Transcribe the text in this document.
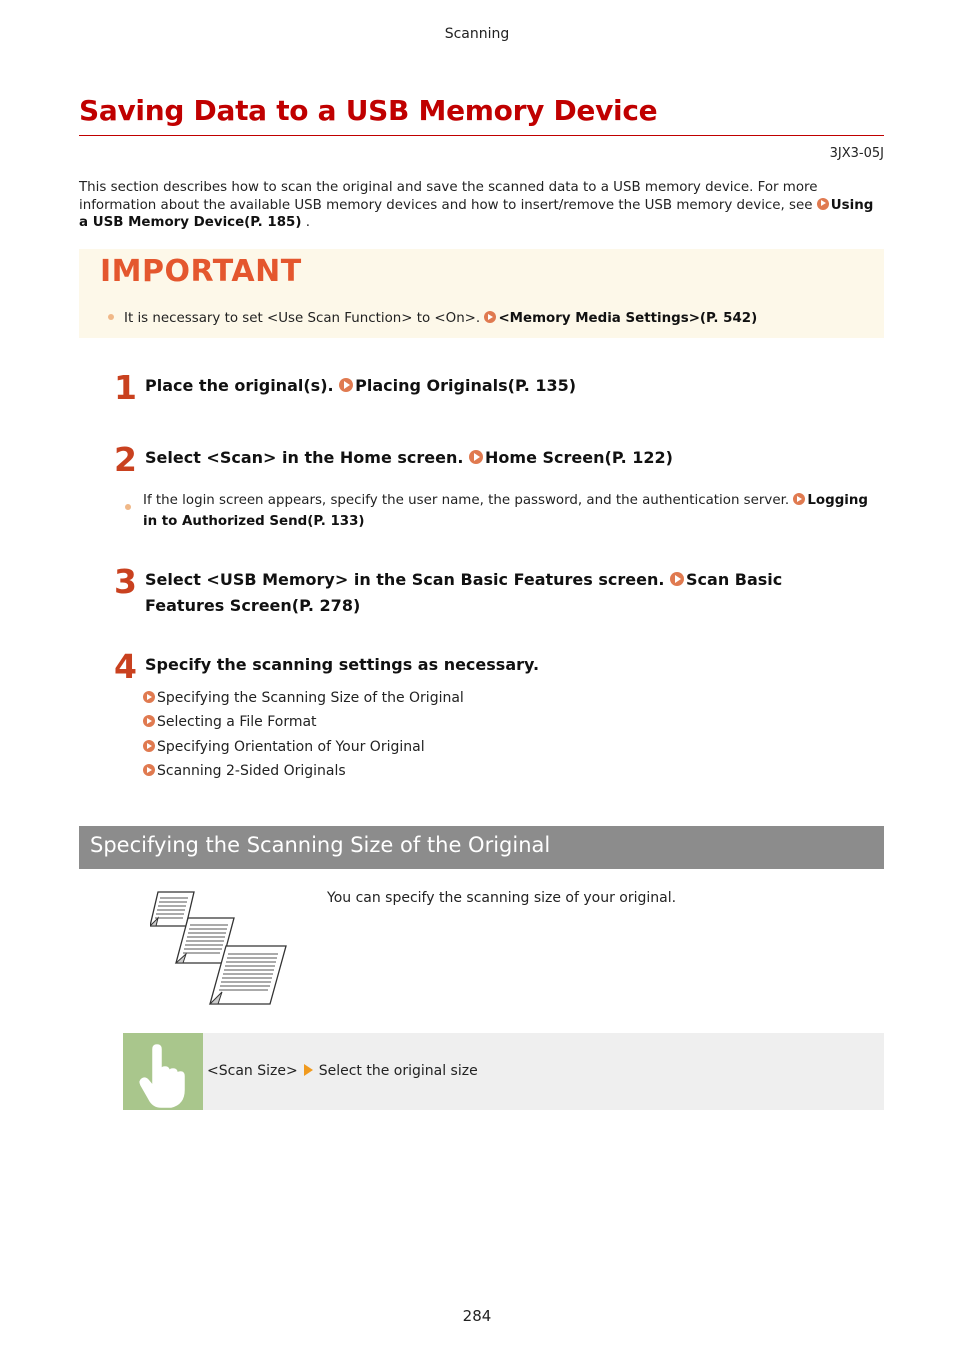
Scanning
Saving Data to a USB Memory Device
3JX3-05J
This section describes how to scan the original and save the scanned data to a USB memory device. For more information about the available USB memory devices and how to insert/remove the USB memory device, see Using a USB Memory Device(P. 185) .
IMPORTANT
It is necessary to set <Use Scan Function> to <On>. <Memory Media Settings>(P. 542)
1 Place the original(s). Placing Originals(P. 135)
2 Select <Scan> in the Home screen. Home Screen(P. 122)
If the login screen appears, specify the user name, the password, and the authentication server. Logging in to Authorized Send(P. 133)
3 Select <USB Memory> in the Scan Basic Features screen. Scan Basic Features Screen(P. 278)
4 Specify the scanning settings as necessary.
Specifying the Scanning Size of the Original
Selecting a File Format
Specifying Orientation of Your Original
Scanning 2-Sided Originals
Specifying the Scanning Size of the Original
You can specify the scanning size of your original.
<Scan Size> Select the original size
284
